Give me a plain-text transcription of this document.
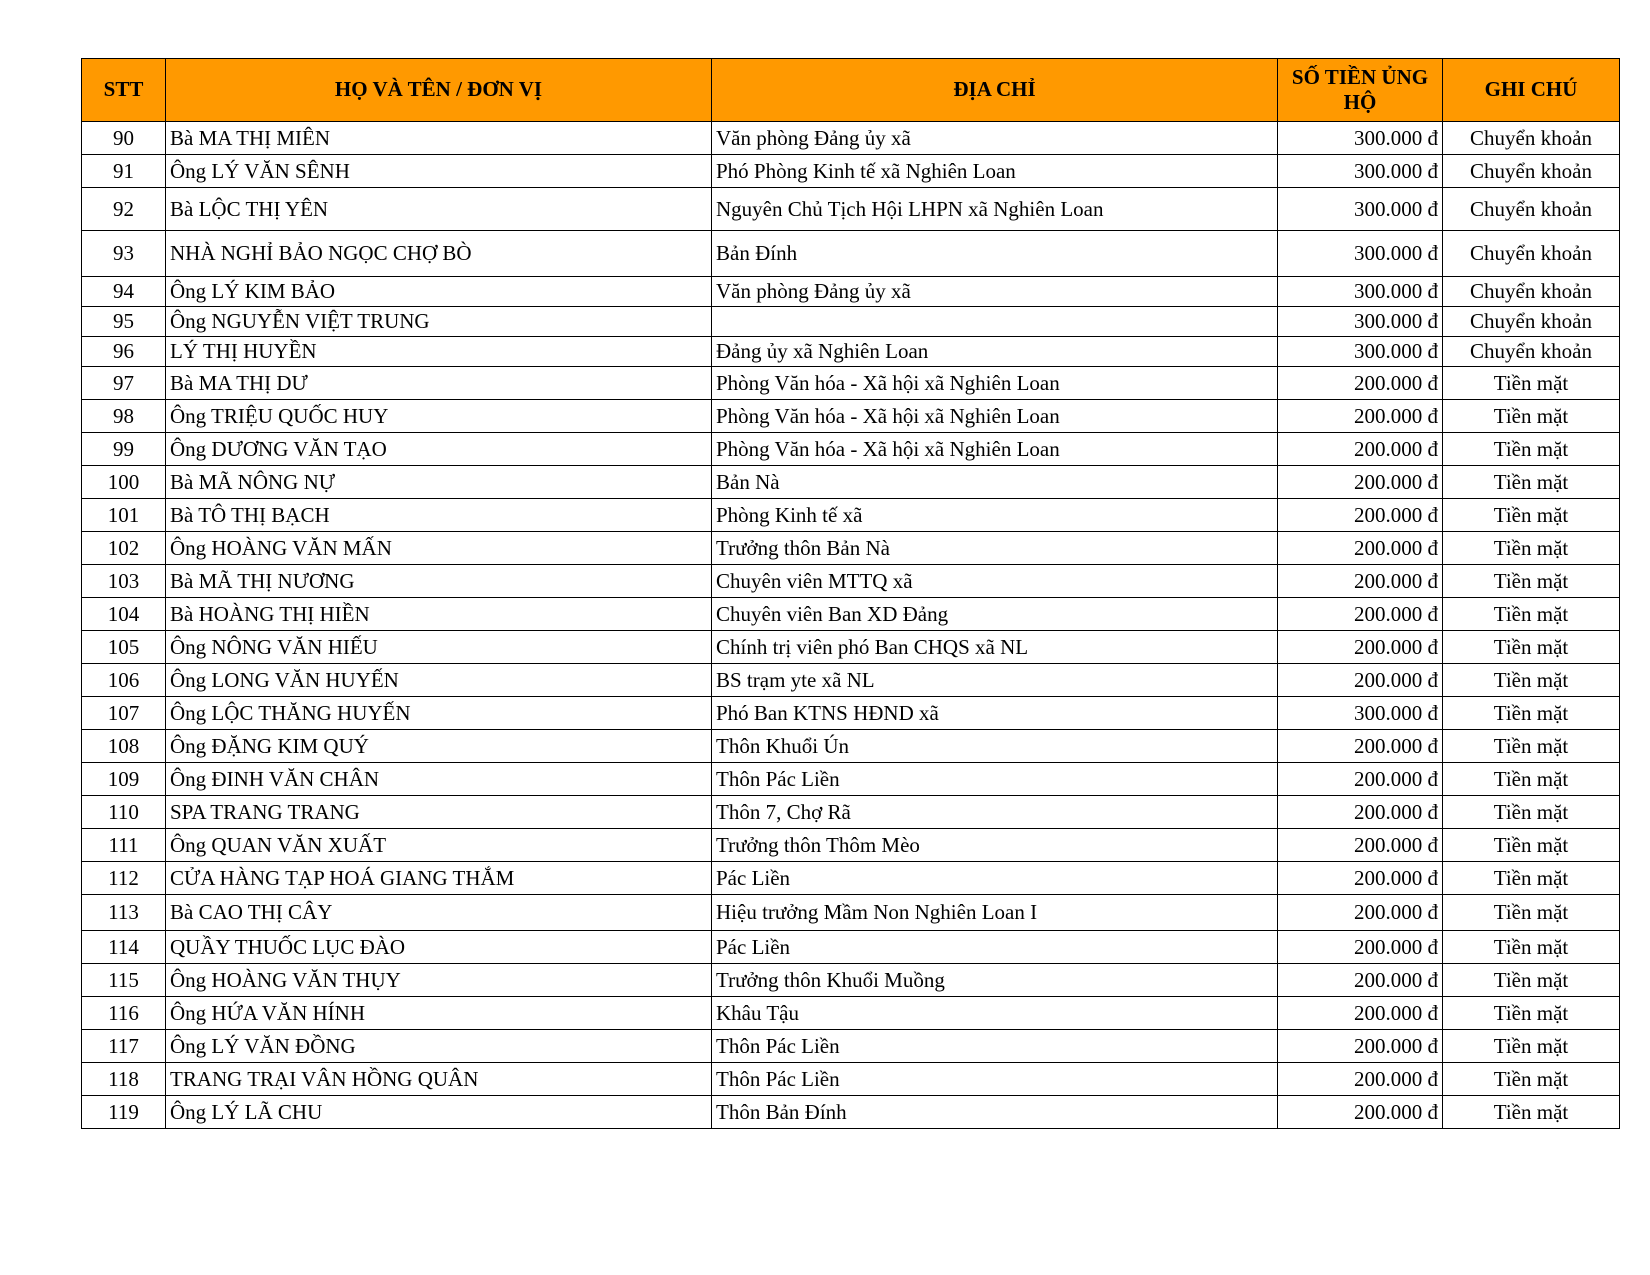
STT	HỌ VÀ TÊN / ĐƠN VỊ	ĐỊA CHỈ	SỐ TIỀN ỦNG HỘ	GHI CHÚ
90	Bà MA THỊ MIÊN	Văn phòng Đảng ủy xã	300.000 đ	Chuyển khoản
91	Ông LÝ VĂN SÊNH	Phó Phòng Kinh tế xã Nghiên Loan	300.000 đ	Chuyển khoản
92	Bà LỘC THỊ YÊN	Nguyên Chủ Tịch Hội LHPN xã Nghiên Loan	300.000 đ	Chuyển khoản
93	NHÀ NGHỈ BẢO NGỌC CHỢ BÒ	Bản Đính	300.000 đ	Chuyển khoản
94	Ông LÝ KIM BẢO	Văn phòng Đảng ủy xã	300.000 đ	Chuyển khoản
95	Ông NGUYỄN VIỆT TRUNG		300.000 đ	Chuyển khoản
96	LÝ THỊ HUYỀN	Đảng ủy xã Nghiên Loan	300.000 đ	Chuyển khoản
97	Bà MA THỊ DƯ	Phòng Văn hóa - Xã hội xã Nghiên Loan	200.000 đ	Tiền mặt
98	Ông TRIỆU QUỐC HUY	Phòng Văn hóa - Xã hội xã Nghiên Loan	200.000 đ	Tiền mặt
99	Ông DƯƠNG VĂN TẠO	Phòng Văn hóa - Xã hội xã Nghiên Loan	200.000 đ	Tiền mặt
100	Bà MÃ NÔNG NỰ	Bản Nà	200.000 đ	Tiền mặt
101	Bà TÔ THỊ BẠCH	Phòng Kinh tế xã	200.000 đ	Tiền mặt
102	Ông HOÀNG VĂN MẤN	Trưởng thôn Bản Nà	200.000 đ	Tiền mặt
103	Bà MÃ THỊ NƯƠNG	Chuyên viên MTTQ xã	200.000 đ	Tiền mặt
104	Bà HOÀNG THỊ HIỀN	Chuyên viên Ban XD Đảng	200.000 đ	Tiền mặt
105	Ông NÔNG VĂN HIẾU	Chính trị viên phó Ban CHQS xã NL	200.000 đ	Tiền mặt
106	Ông LONG VĂN HUYẾN	BS trạm yte xã NL	200.000 đ	Tiền mặt
107	Ông LỘC THĂNG HUYẾN	Phó Ban KTNS HĐND xã	300.000 đ	Tiền mặt
108	Ông ĐẶNG KIM QUÝ	Thôn Khuổi Ún	200.000 đ	Tiền mặt
109	Ông ĐINH VĂN CHÂN	Thôn Pác Liền	200.000 đ	Tiền mặt
110	SPA TRANG TRANG	Thôn 7, Chợ Rã	200.000 đ	Tiền mặt
111	Ông QUAN VĂN XUẤT	Trưởng thôn Thôm Mèo	200.000 đ	Tiền mặt
112	CỬA HÀNG TẠP HOÁ GIANG THẮM	Pác Liền	200.000 đ	Tiền mặt
113	Bà CAO THỊ CÂY	Hiệu trưởng Mầm Non Nghiên Loan I	200.000 đ	Tiền mặt
114	QUẦY THUỐC LỤC ĐÀO	Pác Liền	200.000 đ	Tiền mặt
115	Ông HOÀNG VĂN THỤY	Trưởng thôn Khuổi Muồng	200.000 đ	Tiền mặt
116	Ông HỨA VĂN HÍNH	Khâu Tậu	200.000 đ	Tiền mặt
117	Ông LÝ VĂN ĐỒNG	Thôn Pác Liền	200.000 đ	Tiền mặt
118	TRANG TRẠI VÂN HỒNG QUÂN	Thôn Pác Liền	200.000 đ	Tiền mặt
119	Ông LÝ LÃ CHU	Thôn Bản Đính	200.000 đ	Tiền mặt
